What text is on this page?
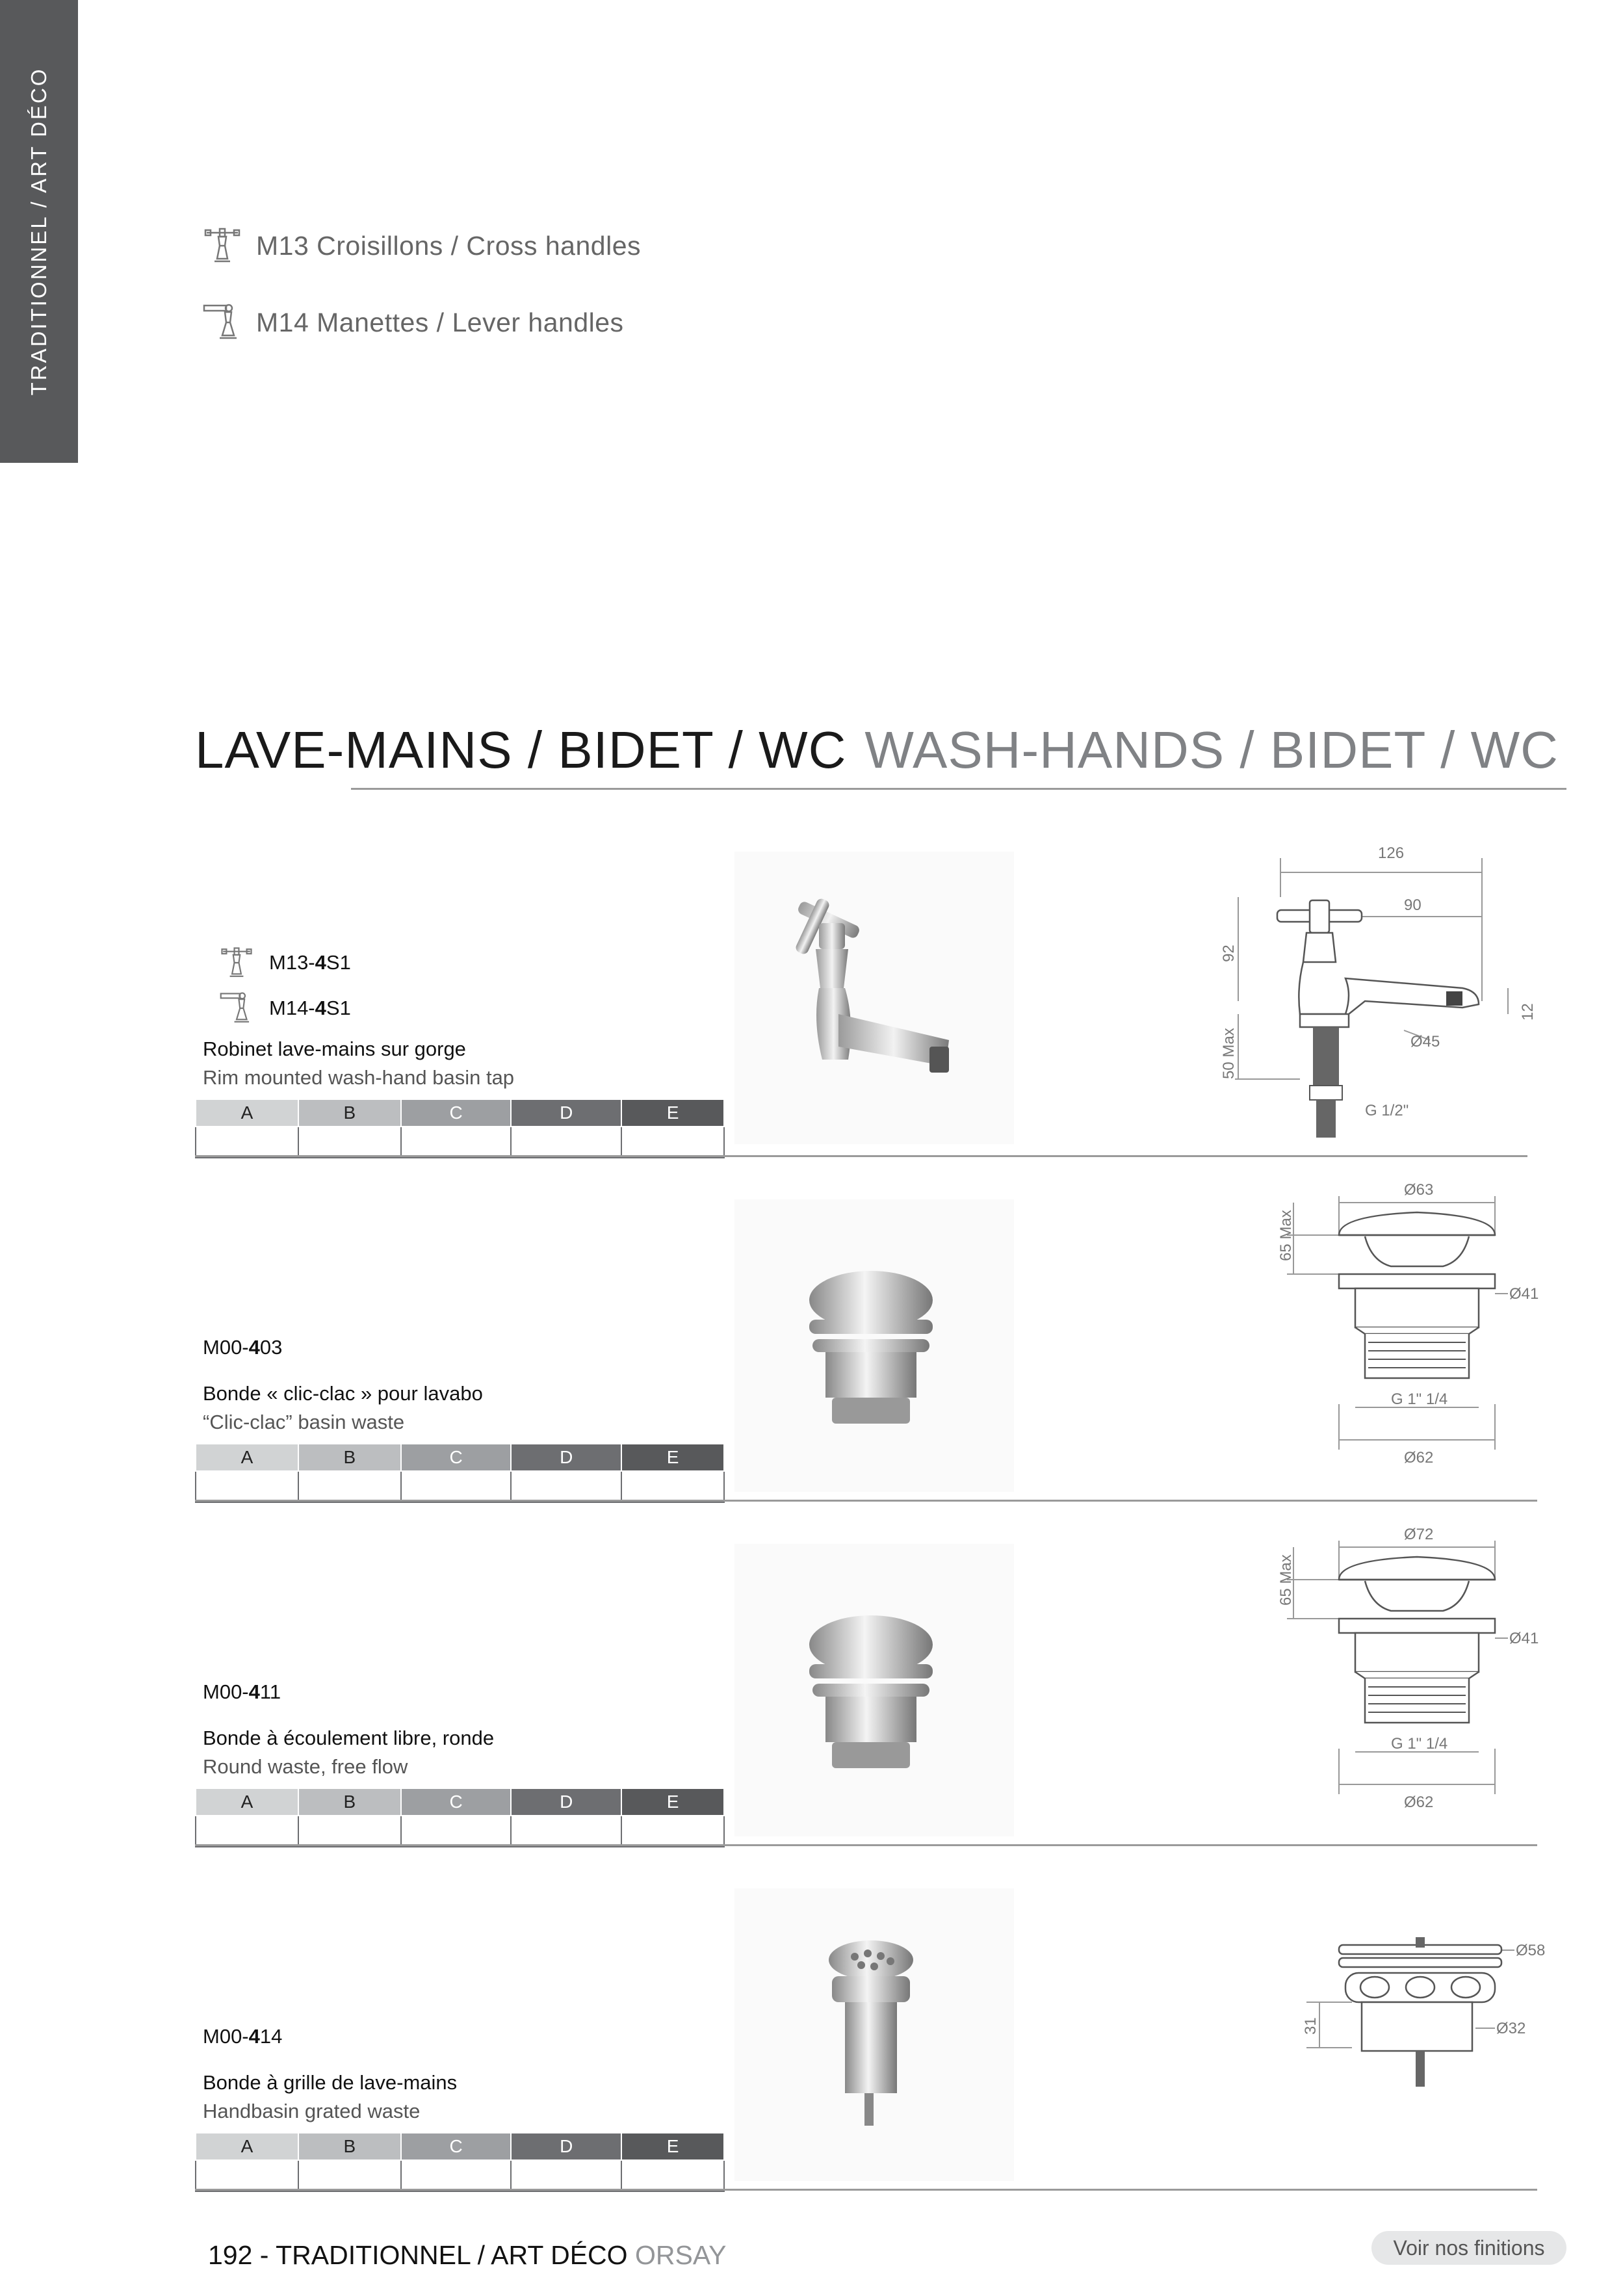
TRADITIONNEL / ART DÉCO	M13 Croisillons / Cross handles
M14 Manettes / Lever handles
LAVE-MAINS / BIDET / WC WASH-HANDS / BIDET / WC
M13-4S1
M14-4S1
Robinet lave-mains sur gorge
Rim mounted wash-hand basin tap
A	B	C	D	E

126
90
92
12
50 Max	Ø45
G 1/2"
M00-403
Bonde « clic-clac » pour lavabo
“Clic-clac” basin waste
A	B	C	D	E

Ø63
65 Max
Ø41
G 1" 1/4
Ø62
M00-411
Bonde à écoulement libre, ronde
Round waste, free flow
A	B	C	D	E

Ø72
65 Max
Ø41
G 1" 1/4
Ø62
M00-414
Bonde à grille de lave-mains
Handbasin grated waste
A	B	C	D	E

Ø58
31	Ø32
192 - TRADITIONNEL / ART DÉCO ORSAY	Voir nos finitions
